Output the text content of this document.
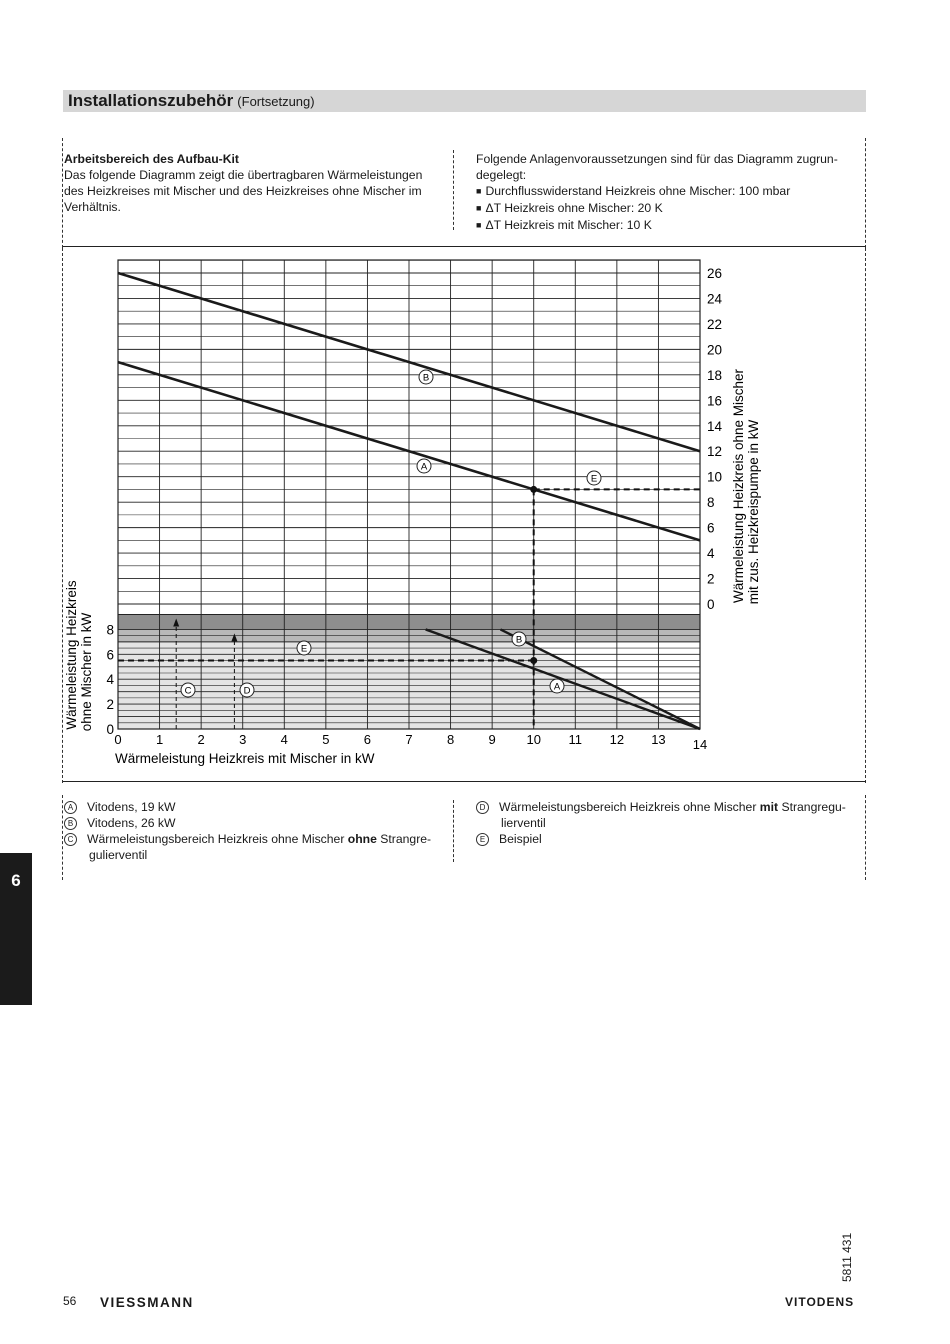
Installationszubehör (Fortsetzung)
Arbeitsbereich des Aufbau-Kit
Das folgende Diagramm zeigt die übertragbaren Wärmeleistungen
des Heizkreises mit Mischer und des Heizkreises ohne Mischer im
Verhältnis.
Folgende Anlagenvoraussetzungen sind für das Diagramm zugrun-
degelegt:
■ Durchflusswiderstand Heizkreis ohne Mischer: 100 mbar
■ ΔT Heizkreis ohne Mischer: 20 K
■ ΔT Heizkreis mit Mischer: 10 K
0	1	2	3	4	5	6	7	8	9 10 11 12 13 14
0
2
4
6
8
10
12
14
16
18
20
22
24
26
0
2
4
6
8
B
A
E
B
A
E
C	D
Wärmeleistung Heizkreis mit Mischer in kW
Wärmeleistung Heizkreis ohne Mischer mit zus. Heizkreispumpe in kW
Wärmeleistung Heizkreis ohne Mischer in kW
A Vitodens, 19 kW
B Vitodens, 26 kW
C Wärmeleistungsbereich Heizkreis ohne Mischer ohne Strangre-
gulierventil
D Wärmeleistungsbereich Heizkreis ohne Mischer mit Strangregu-
lierventil
E Beispiel
6
5811 431
56 VIESSMANN	VITODENS
